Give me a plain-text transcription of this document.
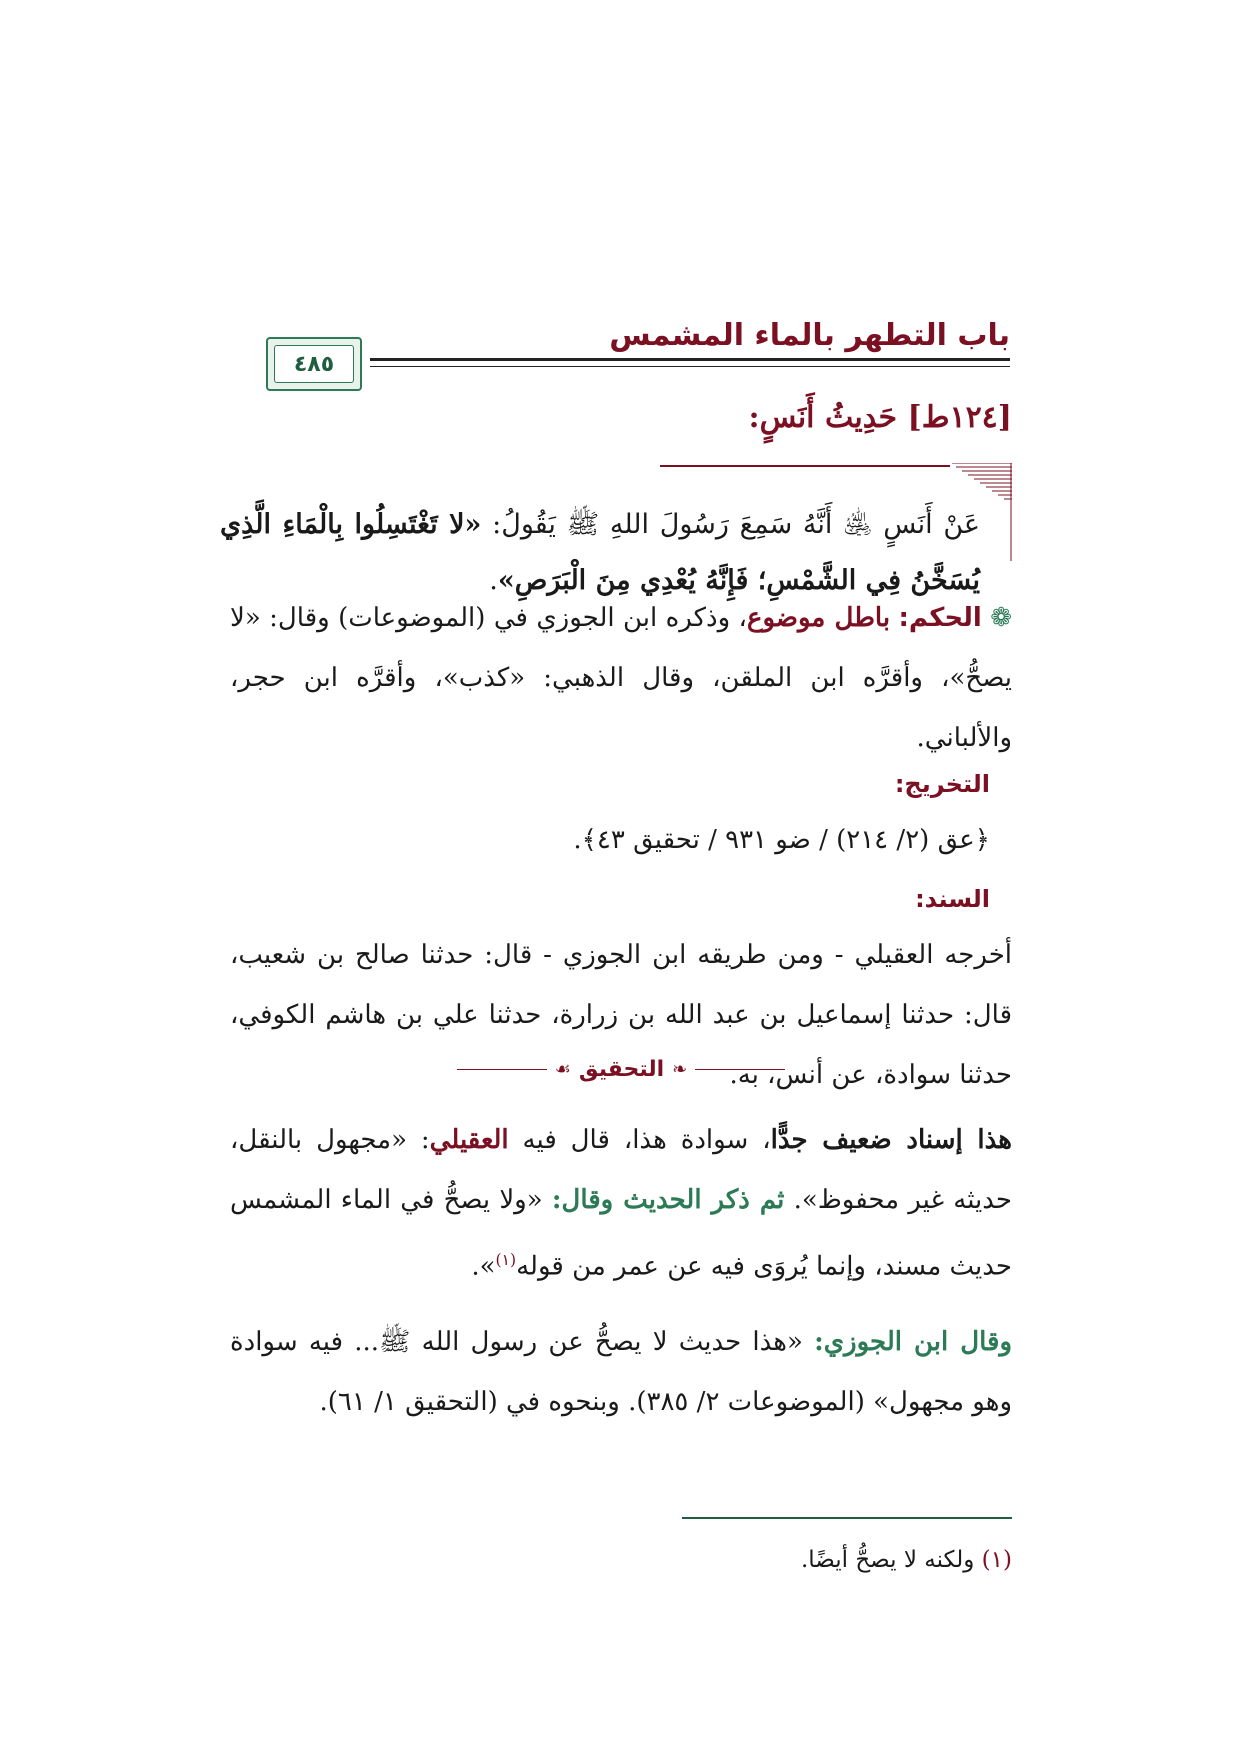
باب التطهر بالماء المشمس
٤٨٥
[١٢٤ط] حَدِيثُ أَنَسٍ:
عَنْ أَنَسٍ ﵁ أَنَّهُ سَمِعَ رَسُولَ اللهِ ﷺ يَقُولُ: «لا تَغْتَسِلُوا بِالْمَاءِ الَّذِي يُسَخَّنُ فِي الشَّمْسِ؛ فَإِنَّهُ يُعْدِي مِنَ الْبَرَصِ».
❁ الحكم: باطل موضوع، وذكره ابن الجوزي في (الموضوعات) وقال: «لا يصحُّ»، وأقرَّه ابن الملقن، وقال الذهبي: «كذب»، وأقرَّه ابن حجر، والألباني.
التخريج:
﴿عق (٢/ ٢١٤) / ضو ٩٣١ / تحقيق ٤٣﴾.
السند:
أخرجه العقيلي - ومن طريقه ابن الجوزي - قال: حدثنا صالح بن شعيب، قال: حدثنا إسماعيل بن عبد الله بن زرارة، حدثنا علي بن هاشم الكوفي، حدثنا سوادة، عن أنس، به.
❧
التحقيق
☙
هذا إسناد ضعيف جدًّا، سوادة هذا، قال فيه العقيلي: «مجهول بالنقل، حديثه غير محفوظ». ثم ذكر الحديث وقال: «ولا يصحُّ في الماء المشمس حديث مسند، وإنما يُروَى فيه عن عمر من قوله$^{(١)}$».
وقال ابن الجوزي: «هذا حديث لا يصحُّ عن رسول الله ﷺ... فيه سوادة وهو مجهول» (الموضوعات ٢/ ٣٨٥). وبنحوه في (التحقيق ١/ ٦١).
(١) ولكنه لا يصحُّ أيضًا.
